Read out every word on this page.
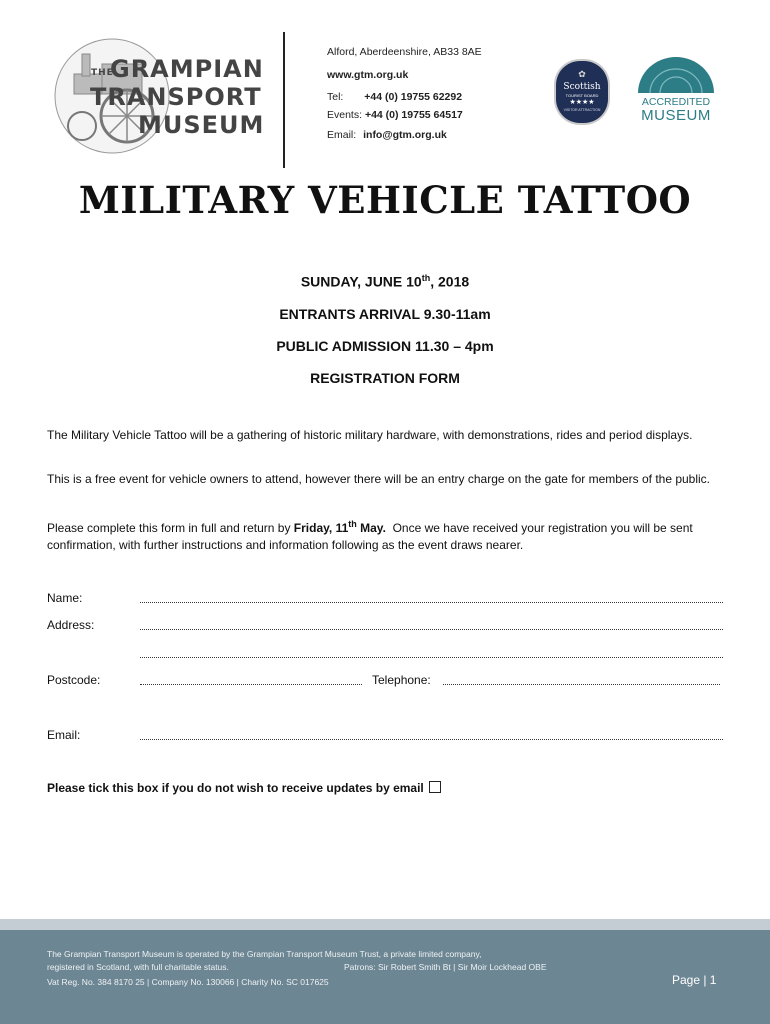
THE
GRAMPIAN
TRANSPORT
MUSEUM
Alford, Aberdeenshire, AB33 8AE
www.gtm.org.uk
Tel: +44 (0) 19755 62292
Events: +44 (0) 19755 64517
Email: info@gtm.org.uk
✿
Scottish
TOURIST BOARD
★★★★
VISITOR ATTRACTION
ACCREDITED
MUSEUM
MILITARY VEHICLE TATTOO
SUNDAY, JUNE 10th, 2018
ENTRANTS ARRIVAL 9.30-11am
PUBLIC ADMISSION 11.30 – 4pm
REGISTRATION FORM
The Military Vehicle Tattoo will be a gathering of historic military hardware, with demonstrations, rides and period displays.
This is a free event for vehicle owners to attend, however there will be an entry charge on the gate for members of the public.
Please complete this form in full and return by Friday, 11th May.  Once we have received your registration you will be sent confirmation, with further instructions and information following as the event draws nearer.
Name:
Address:
Postcode:	Telephone:
Email:
Please tick this box if you do not wish to receive updates by email
The Grampian Transport Museum is operated by the Grampian Transport Museum Trust, a private limited company,
registered in Scotland, with full charitable status.	Patrons: Sir Robert Smith Bt | Sir Moir Lockhead OBE
Vat Reg. No. 384 8170 25 | Company No. 130066 | Charity No. SC 017625	Page | 1
